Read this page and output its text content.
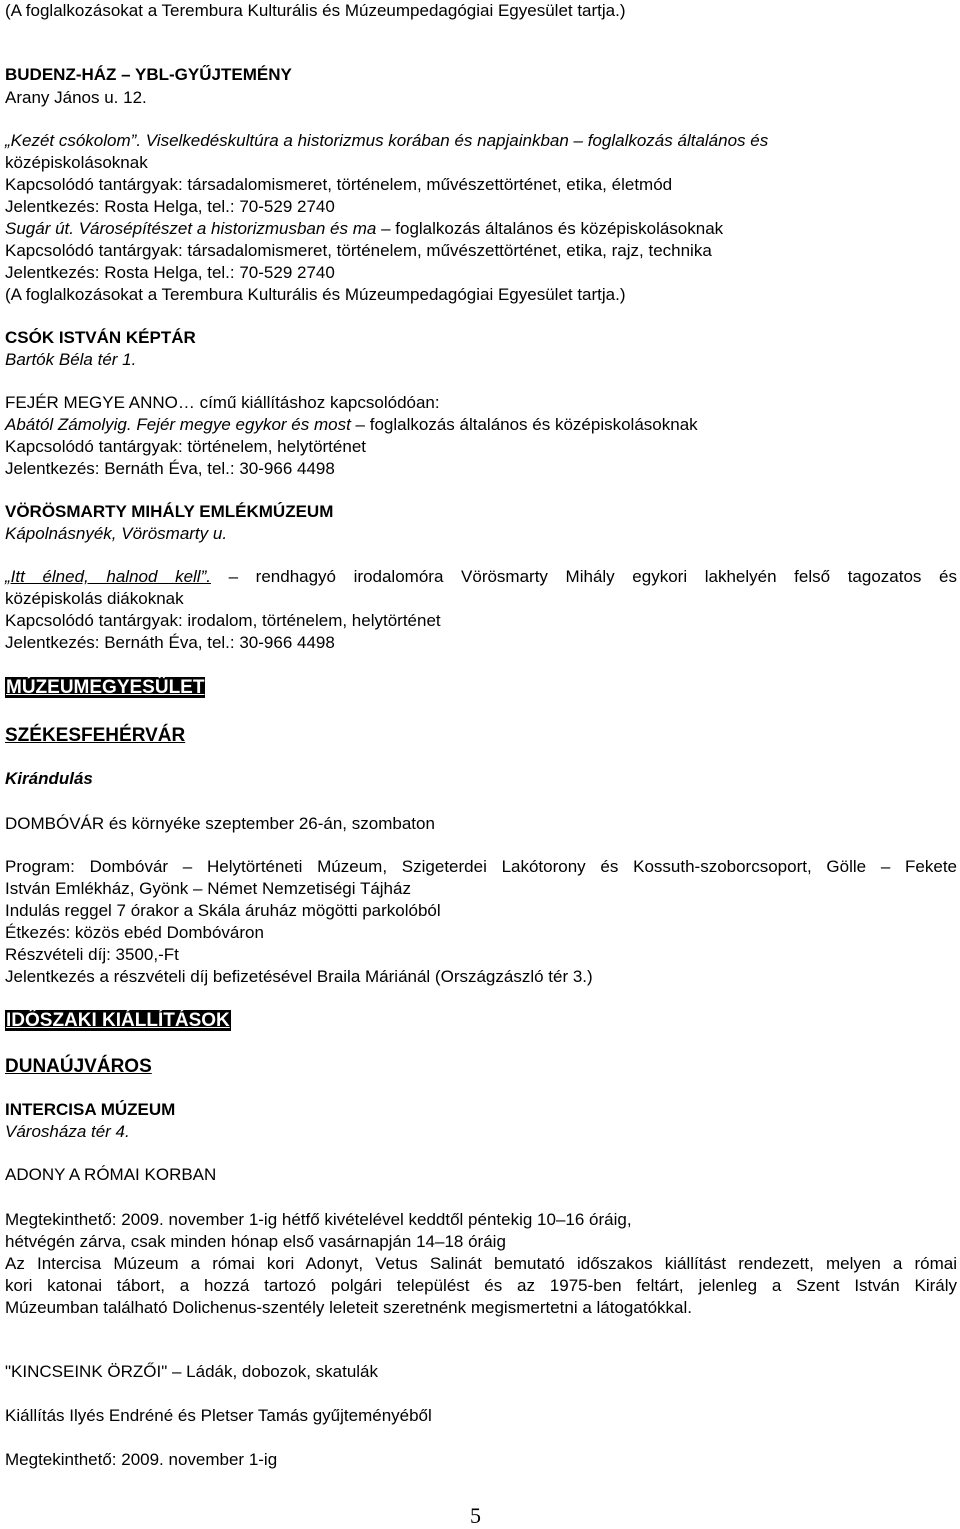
(A foglalkozásokat a Terembura Kulturális és Múzeumpedagógiai Egyesület tartja.)
BUDENZ-HÁZ – YBL-GYŰJTEMÉNY
Arany János u. 12.
„Kezét csókolom”. Viselkedéskultúra a historizmus korában és napjainkban – foglalkozás általános és
középiskolásoknak
Kapcsolódó tantárgyak: társadalomismeret, történelem, művészettörténet, etika, életmód
Jelentkezés: Rosta Helga, tel.: 70-529 2740
Sugár út. Városépítészet a historizmusban és ma – foglalkozás általános és középiskolásoknak
Kapcsolódó tantárgyak: társadalomismeret, történelem, művészettörténet, etika, rajz, technika
Jelentkezés: Rosta Helga, tel.: 70-529 2740
(A foglalkozásokat a Terembura Kulturális és Múzeumpedagógiai Egyesület tartja.)
CSÓK ISTVÁN KÉPTÁR
Bartók Béla tér 1.
FEJÉR MEGYE ANNO… című kiállításhoz kapcsolódóan:
Abától Zámolyig. Fejér megye egykor és most – foglalkozás általános és középiskolásoknak
Kapcsolódó tantárgyak: történelem, helytörténet
Jelentkezés: Bernáth Éva, tel.: 30-966 4498
VÖRÖSMARTY MIHÁLY EMLÉKMÚZEUM
Kápolnásnyék, Vörösmarty u.
„Itt élned, halnod kell”. – rendhagyó irodalomóra Vörösmarty Mihály egykori lakhelyén felső tagozatos és
középiskolás diákoknak
Kapcsolódó tantárgyak: irodalom, történelem, helytörténet
Jelentkezés: Bernáth Éva, tel.: 30-966 4498
MÚZEUMEGYESÜLET
SZÉKESFEHÉRVÁR
Kirándulás
DOMBÓVÁR és környéke szeptember 26-án, szombaton
Program: Dombóvár – Helytörténeti Múzeum, Szigeterdei Lakótorony és Kossuth-szoborcsoport, Gölle – Fekete
István Emlékház, Gyönk – Német Nemzetiségi Tájház
Indulás reggel 7 órakor a Skála áruház mögötti parkolóból
Étkezés: közös ebéd Dombóváron
Részvételi díj: 3500,-Ft
Jelentkezés a részvételi díj befizetésével Braila Máriánál (Országzászló tér 3.)
IDŐSZAKI KIÁLLÍTÁSOK
DUNAÚJVÁROS
INTERCISA MÚZEUM
Városháza tér 4.
ADONY A RÓMAI KORBAN
Megtekinthető: 2009. november 1-ig hétfő kivételével keddtől péntekig 10–16 óráig,
hétvégén zárva, csak minden hónap első vasárnapján 14–18 óráig
Az Intercisa Múzeum a római kori Adonyt, Vetus Salinát bemutató időszakos kiállítást rendezett, melyen a római
kori katonai tábort, a hozzá tartozó polgári települést és az 1975-ben feltárt, jelenleg a Szent István Király
Múzeumban található Dolichenus-szentély leleteit szeretnénk megismertetni a látogatókkal.
"KINCSEINK ÖRZŐI" – Ládák, dobozok, skatulák
Kiállítás Ilyés Endréné és Pletser Tamás gyűjteményéből
Megtekinthető: 2009. november 1-ig
5
